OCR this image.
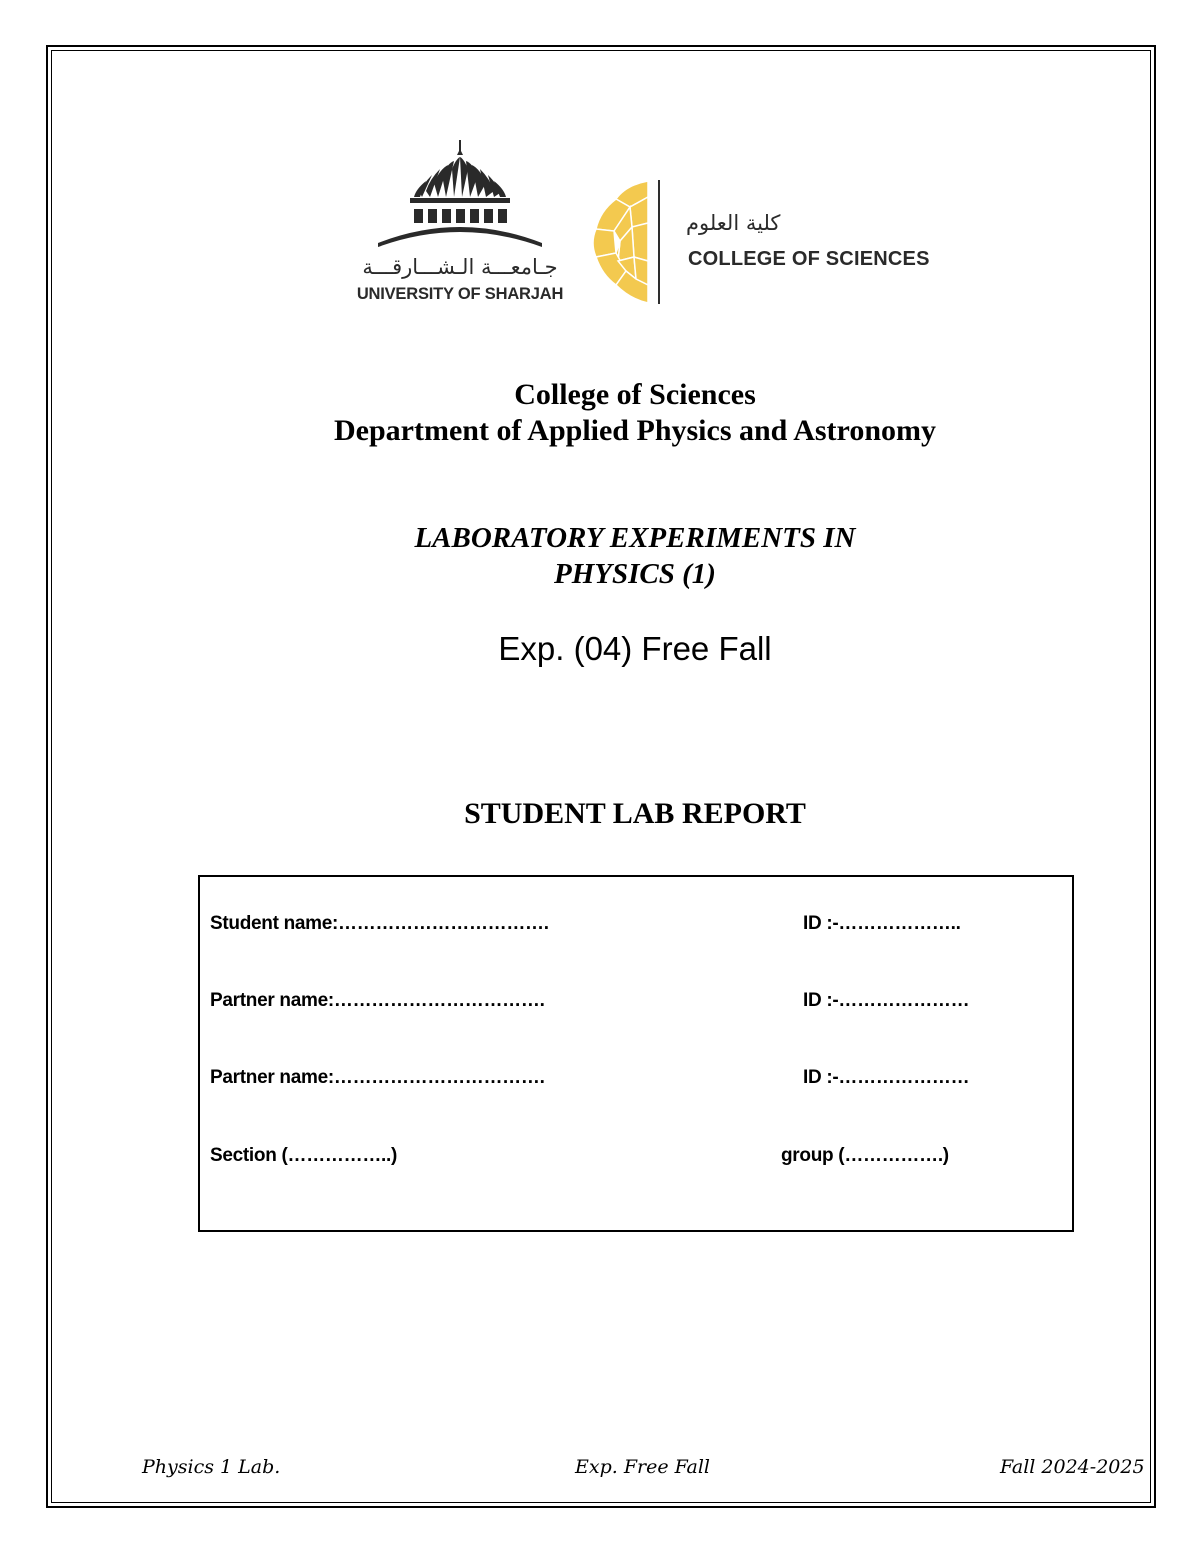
جـامعـــة الـشـــارقـــة
UNIVERSITY OF SHARJAH
كلية العلوم
COLLEGE OF SCIENCES
College of Sciences
Department of Applied Physics and Astronomy
LABORATORY EXPERIMENTS IN
PHYSICS (1)
Exp. (04) Free Fall
STUDENT LAB REPORT
Student name:…………………………….	ID :-………………..
Partner name:…………………………….	ID :-…………………
Partner name:…………………………….	ID :-…………………
Section (……………..)	group (…………….)
Physics 1 Lab.	Exp. Free Fall	Fall 2024-2025
